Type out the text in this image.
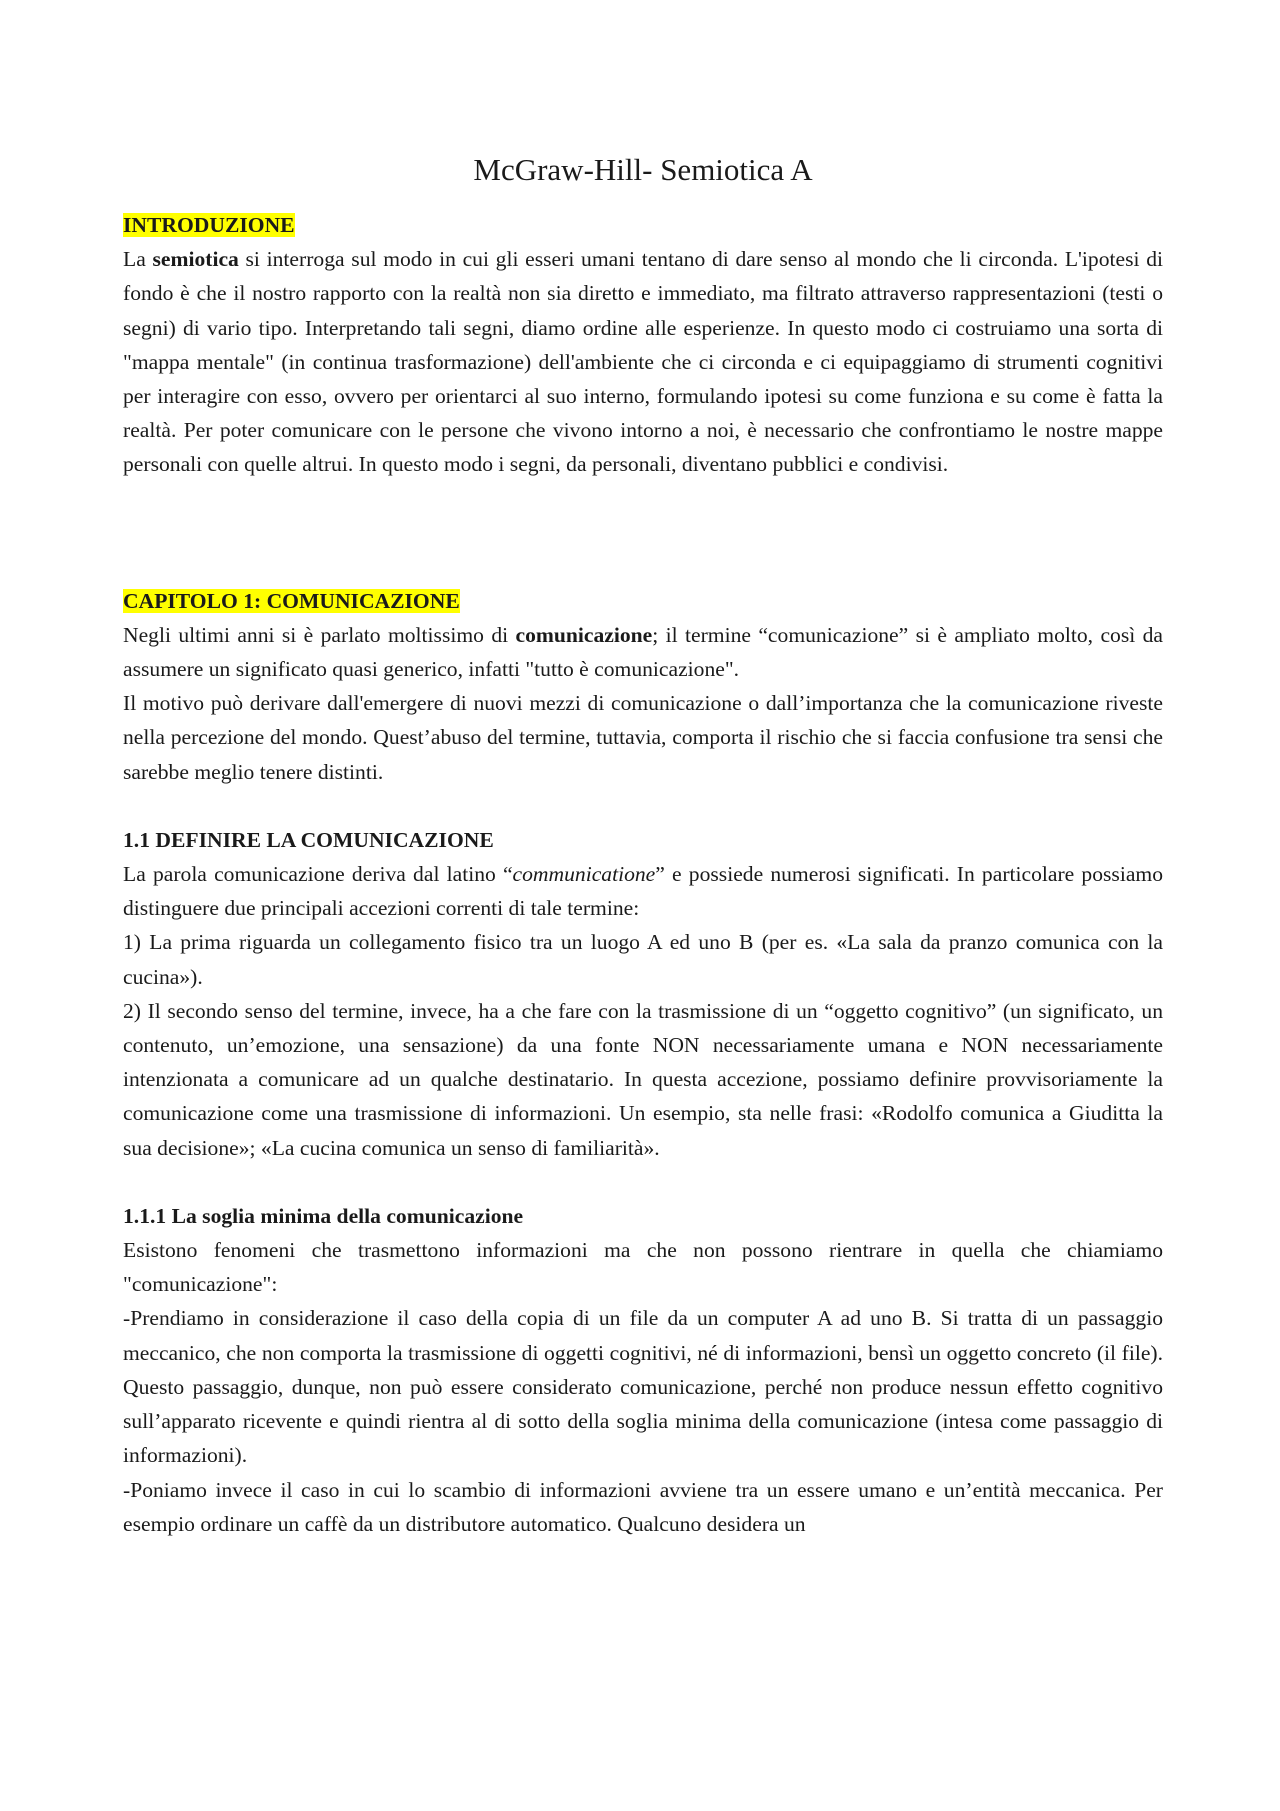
McGraw-Hill- Semiotica A
INTRODUZIONE

La semiotica si interroga sul modo in cui gli esseri umani tentano di dare senso al mondo che li circonda. L'ipotesi di fondo è che il nostro rapporto con la realtà non sia diretto e immediato, ma filtrato attraverso rappresentazioni (testi o segni) di vario tipo. Interpretando tali segni, diamo ordine alle esperienze. In questo modo ci costruiamo una sorta di "mappa mentale" (in continua trasformazione) dell'ambiente che ci circonda e ci equipaggiamo di strumenti cognitivi per interagire con esso, ovvero per orientarci al suo interno, formulando ipotesi su come funziona e su come è fatta la realtà. Per poter comunicare con le persone che vivono intorno a noi, è necessario che confrontiamo le nostre mappe personali con quelle altrui. In questo modo i segni, da personali, diventano pubblici e condivisi.

CAPITOLO 1: COMUNICAZIONE

Negli ultimi anni si è parlato moltissimo di comunicazione; il termine “comunicazione” si è ampliato molto, così da assumere un significato quasi generico, infatti "tutto è comunicazione".

Il motivo può derivare dall'emergere di nuovi mezzi di comunicazione o dall’importanza che la comunicazione riveste nella percezione del mondo. Quest’abuso del termine, tuttavia, comporta il rischio che si faccia confusione tra sensi che sarebbe meglio tenere distinti.

1.1 DEFINIRE LA COMUNICAZIONE

La parola comunicazione deriva dal latino “communicatione” e possiede numerosi significati. In particolare possiamo distinguere due principali accezioni correnti di tale termine:

1) La prima riguarda un collegamento fisico tra un luogo A ed uno B (per es. «La sala da pranzo comunica con la cucina»).

2) Il secondo senso del termine, invece, ha a che fare con la trasmissione di un “oggetto cognitivo” (un significato, un contenuto, un’emozione, una sensazione) da una fonte NON necessariamente umana e NON necessariamente intenzionata a comunicare ad un qualche destinatario. In questa accezione, possiamo definire provvisoriamente la comunicazione come una trasmissione di informazioni. Un esempio, sta nelle frasi: «Rodolfo comunica a Giuditta la sua decisione»; «La cucina comunica un senso di familiarità».

1.1.1 La soglia minima della comunicazione

Esistono fenomeni che trasmettono informazioni ma che non possono rientrare in quella che chiamiamo "comunicazione":

-Prendiamo in considerazione il caso della copia di un file da un computer A ad uno B. Si tratta di un passaggio meccanico, che non comporta la trasmissione di oggetti cognitivi, né di informazioni, bensì un oggetto concreto (il file). Questo passaggio, dunque, non può essere considerato comunicazione, perché non produce nessun effetto cognitivo sull’apparato ricevente e quindi rientra al di sotto della soglia minima della comunicazione (intesa come passaggio di informazioni).

-Poniamo invece il caso in cui lo scambio di informazioni avviene tra un essere umano e un’entità meccanica. Per esempio ordinare un caffè da un distributore automatico. Qualcuno desidera un
